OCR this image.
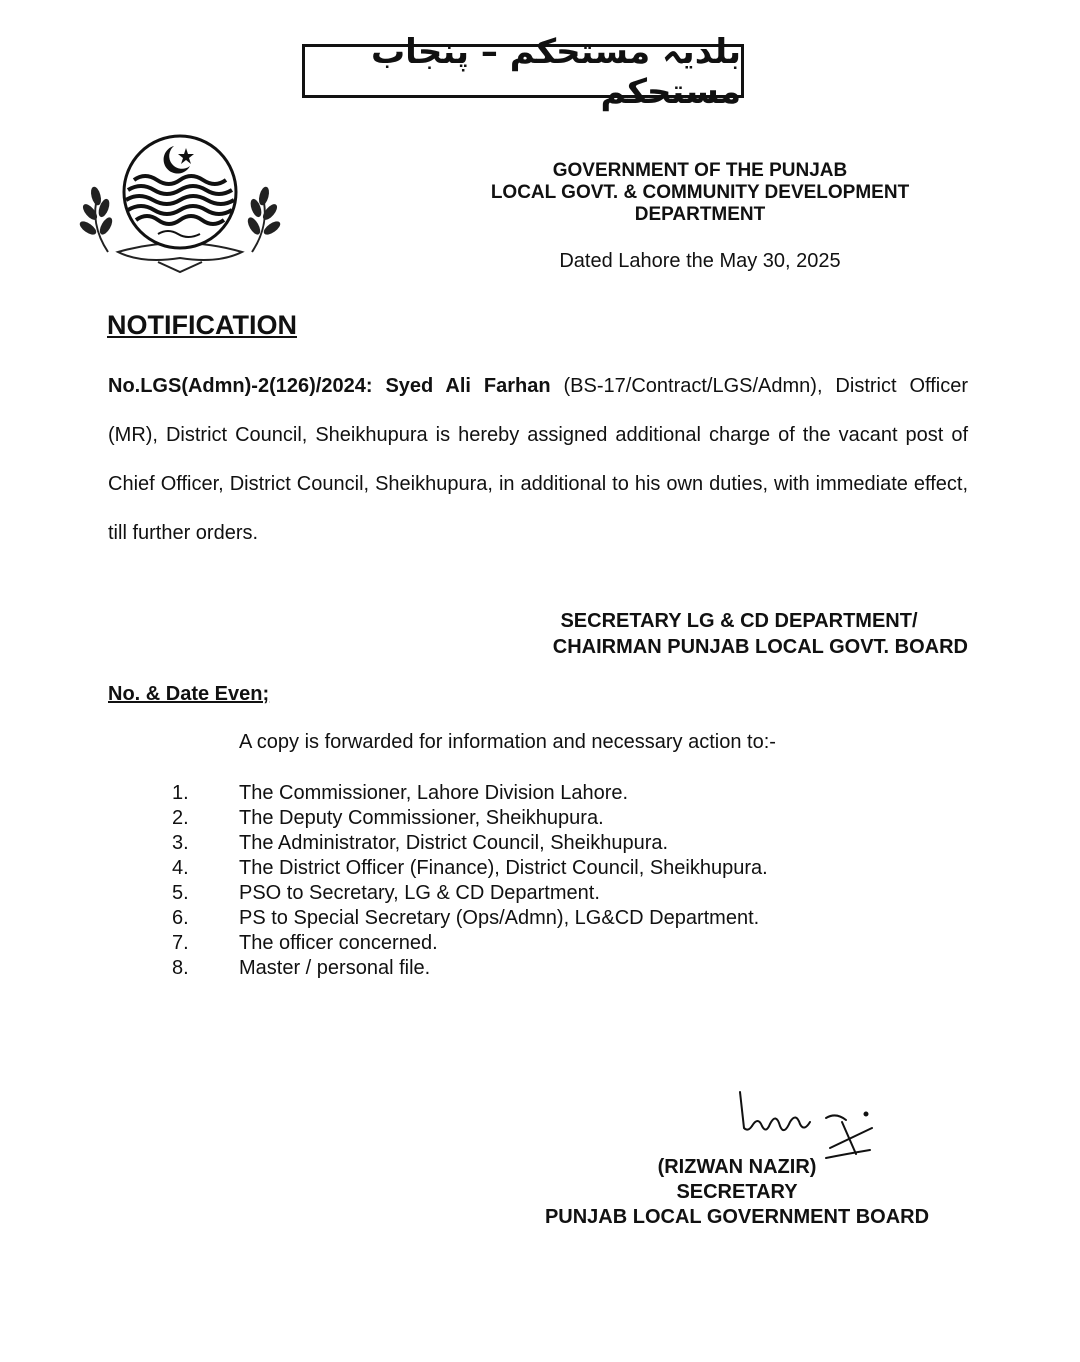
بلدیہ مستحکم – پنجاب مستحکم
GOVERNMENT OF THE PUNJAB
LOCAL GOVT. & COMMUNITY DEVELOPMENT
DEPARTMENT
Dated Lahore the May 30, 2025
NOTIFICATION
No.LGS(Admn)-2(126)/2024: Syed Ali Farhan (BS-17/Contract/LGS/Admn), District Officer (MR), District Council, Sheikhupura is hereby assigned additional charge of the vacant post of Chief Officer, District Council, Sheikhupura, in additional to his own duties, with immediate effect, till further orders.
SECRETARY LG & CD DEPARTMENT/
CHAIRMAN PUNJAB LOCAL GOVT. BOARD
No. & Date Even;
A copy is forwarded for information and necessary action to:-
1.	The Commissioner, Lahore Division Lahore.
2.	The Deputy Commissioner, Sheikhupura.
3.	The Administrator, District Council, Sheikhupura.
4.	The District Officer (Finance), District Council, Sheikhupura.
5.	PSO to Secretary, LG & CD Department.
6.	PS to Special Secretary (Ops/Admn), LG&CD Department.
7.	The officer concerned.
8.	Master / personal file.
(RIZWAN NAZIR)
SECRETARY
PUNJAB LOCAL GOVERNMENT BOARD
